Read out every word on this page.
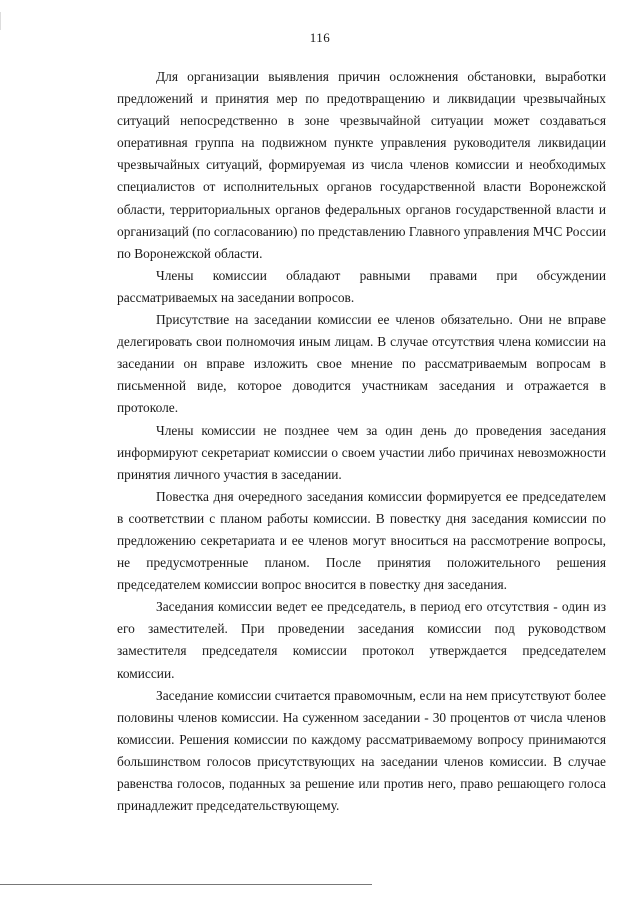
116

Для организации выявления причин осложнения обстановки, выработки предложений и принятия мер по предотвращению и ликвидации чрезвычайных ситуаций непосредственно в зоне чрезвычайной ситуации может создаваться оперативная группа на подвижном пункте управления руководителя ликвидации чрезвычайных ситуаций, формируемая из числа членов комиссии и необходимых специалистов от исполнительных органов государственной власти Воронежской области, территориальных органов федеральных органов государственной власти и организаций (по согласованию) по представлению Главного управления МЧС России по Воронежской области.

Члены комиссии обладают равными правами при обсуждении рассматриваемых на заседании вопросов.

Присутствие на заседании комиссии ее членов обязательно. Они не вправе делегировать свои полномочия иным лицам. В случае отсутствия члена комиссии на заседании он вправе изложить свое мнение по рассматриваемым вопросам в письменной виде, которое доводится участникам заседания и отражается в протоколе.

Члены комиссии не позднее чем за один день до проведения заседания информируют секретариат комиссии о своем участии либо причинах невозможности принятия личного участия в заседании.

Повестка дня очередного заседания комиссии формируется ее председателем в соответствии с планом работы комиссии. В повестку дня заседания комиссии по предложению секретариата и ее членов могут вноситься на рассмотрение вопросы, не предусмотренные планом. После принятия положительного решения председателем комиссии вопрос вносится в повестку дня заседания.

Заседания комиссии ведет ее председатель, в период его отсутствия - один из его заместителей. При проведении заседания комиссии под руководством заместителя председателя комиссии протокол утверждается председателем комиссии.

Заседание комиссии считается правомочным, если на нем присутствуют более половины членов комиссии. На суженном заседании - 30 процентов от числа членов комиссии. Решения комиссии по каждому рассматриваемому вопросу принимаются большинством голосов присутствующих на заседании членов комиссии. В случае равенства голосов, поданных за решение или против него, право решающего голоса принадлежит председательствующему.
